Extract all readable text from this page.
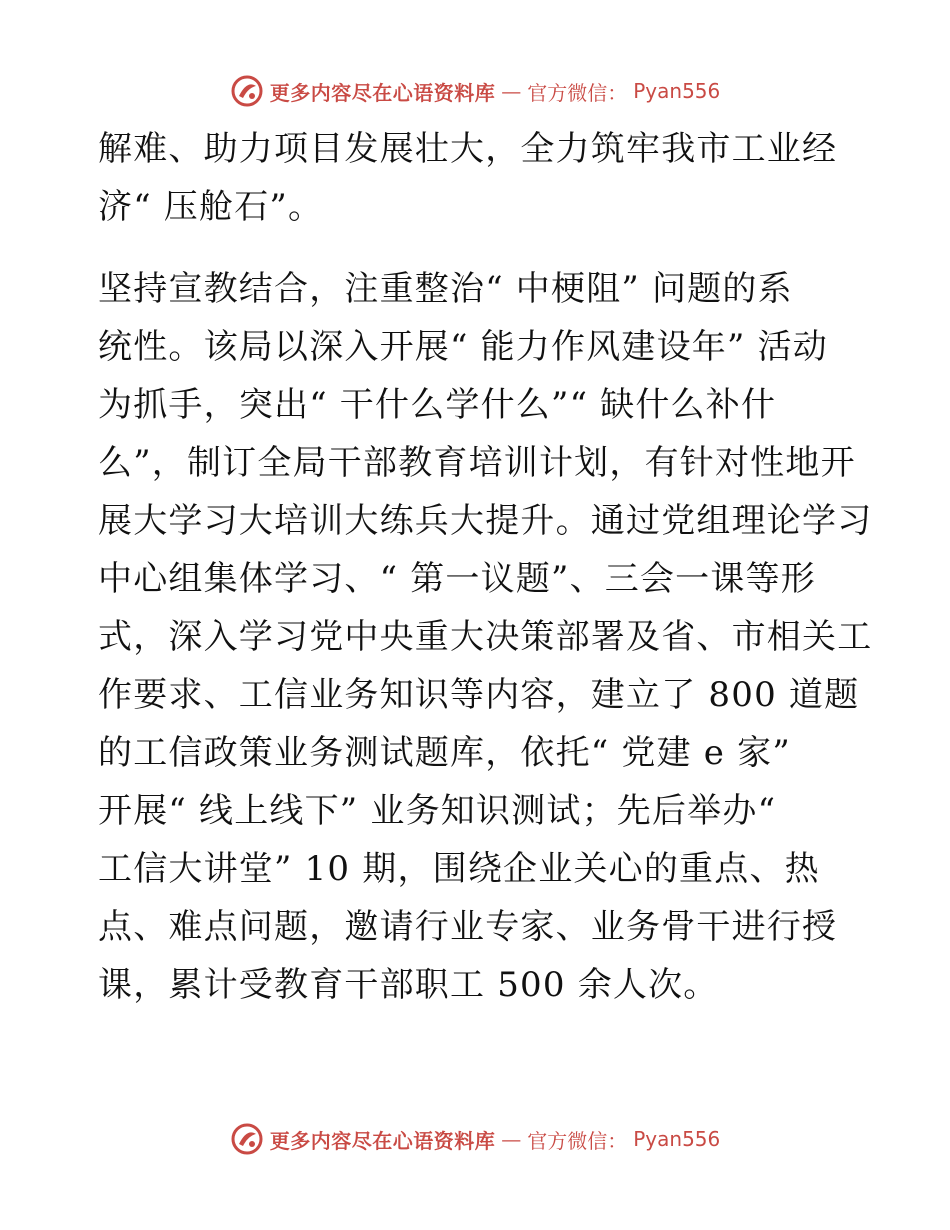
更多内容尽在心语资料库 — 官方微信： Pyan556
解难、助力项目发展壮大，全力筑牢我市工业经
济“ 压舱石”。
坚持宣教结合，注重整治“ 中梗阻” 问题的系
统性。该局以深入开展“ 能力作风建设年” 活动
为抓手，突出“ 干什么学什么”“ 缺什么补什
么”，制订全局干部教育培训计划，有针对性地开
展大学习大培训大练兵大提升。通过党组理论学习
中心组集体学习、“ 第一议题”、三会一课等形
式，深入学习党中央重大决策部署及省、市相关工
作要求、工信业务知识等内容，建立了 800 道题
的工信政策业务测试题库，依托“ 党建 e 家”
开展“ 线上线下” 业务知识测试；先后举办“
工信大讲堂” 10 期，围绕企业关心的重点、热
点、难点问题，邀请行业专家、业务骨干进行授
课，累计受教育干部职工 500 余人次。
更多内容尽在心语资料库 — 官方微信： Pyan556
